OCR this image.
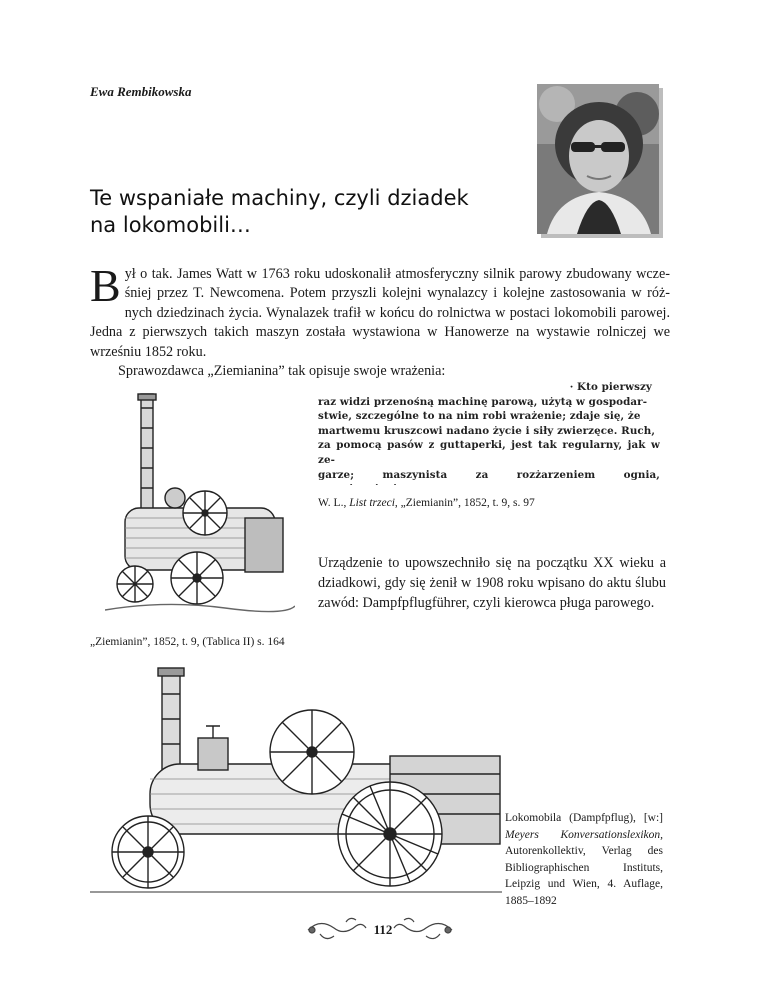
Ewa Rembikowska
Te wspaniałe machiny, czyli dziadek
na lokomobili…
B ył o tak. James Watt w 1763 roku udoskonalił atmosferyczny silnik parowy zbudowany wcze-śniej przez T. Newcomena. Potem przyszli kolejni wynalazcy i kolejne zastosowania w róż-nych dziedzinach życia. Wynalazek trafił w końcu do rolnictwa w postaci lokomobili parowej. Jedna z pierwszych takich maszyn została wystawiona w Hanowerze na wystawie rolniczej we wrześniu 1852 roku.
Sprawozdawca „Ziemianina” tak opisuje swoje wrażenia:
· Kto pierwszy
raz widzi przenośną machinę parową, użytą w gospodar-
stwie, szczególne to na nim robi wrażenie; zdaje się, że
martwemu kruszcowi nadano życie i siły zwierzęce. Ruch,
za pomocą pasów z guttaperki, jest tak regularny, jak w ze-
garze; maszynista za rozżarzeniem ognia,
W. L., List trzeci, „Ziemianin”, 1852, t. 9, s. 97
Urządzenie to upowszechniło się na początku XX wieku a dziadkowi, gdy się żenił w 1908 roku wpisano do aktu ślubu zawód: Dampfpflugführer, czyli kierowca pługa parowego.
„Ziemianin”, 1852, t. 9, (Tablica II) s. 164
Lokomobila (Dampfpflug), [w:] Meyers Konversationslexikon, Autorenkollektiv, Verlag des Bibliographischen Instituts, Leipzig und Wien, 4. Auflage, 1885–1892
112
